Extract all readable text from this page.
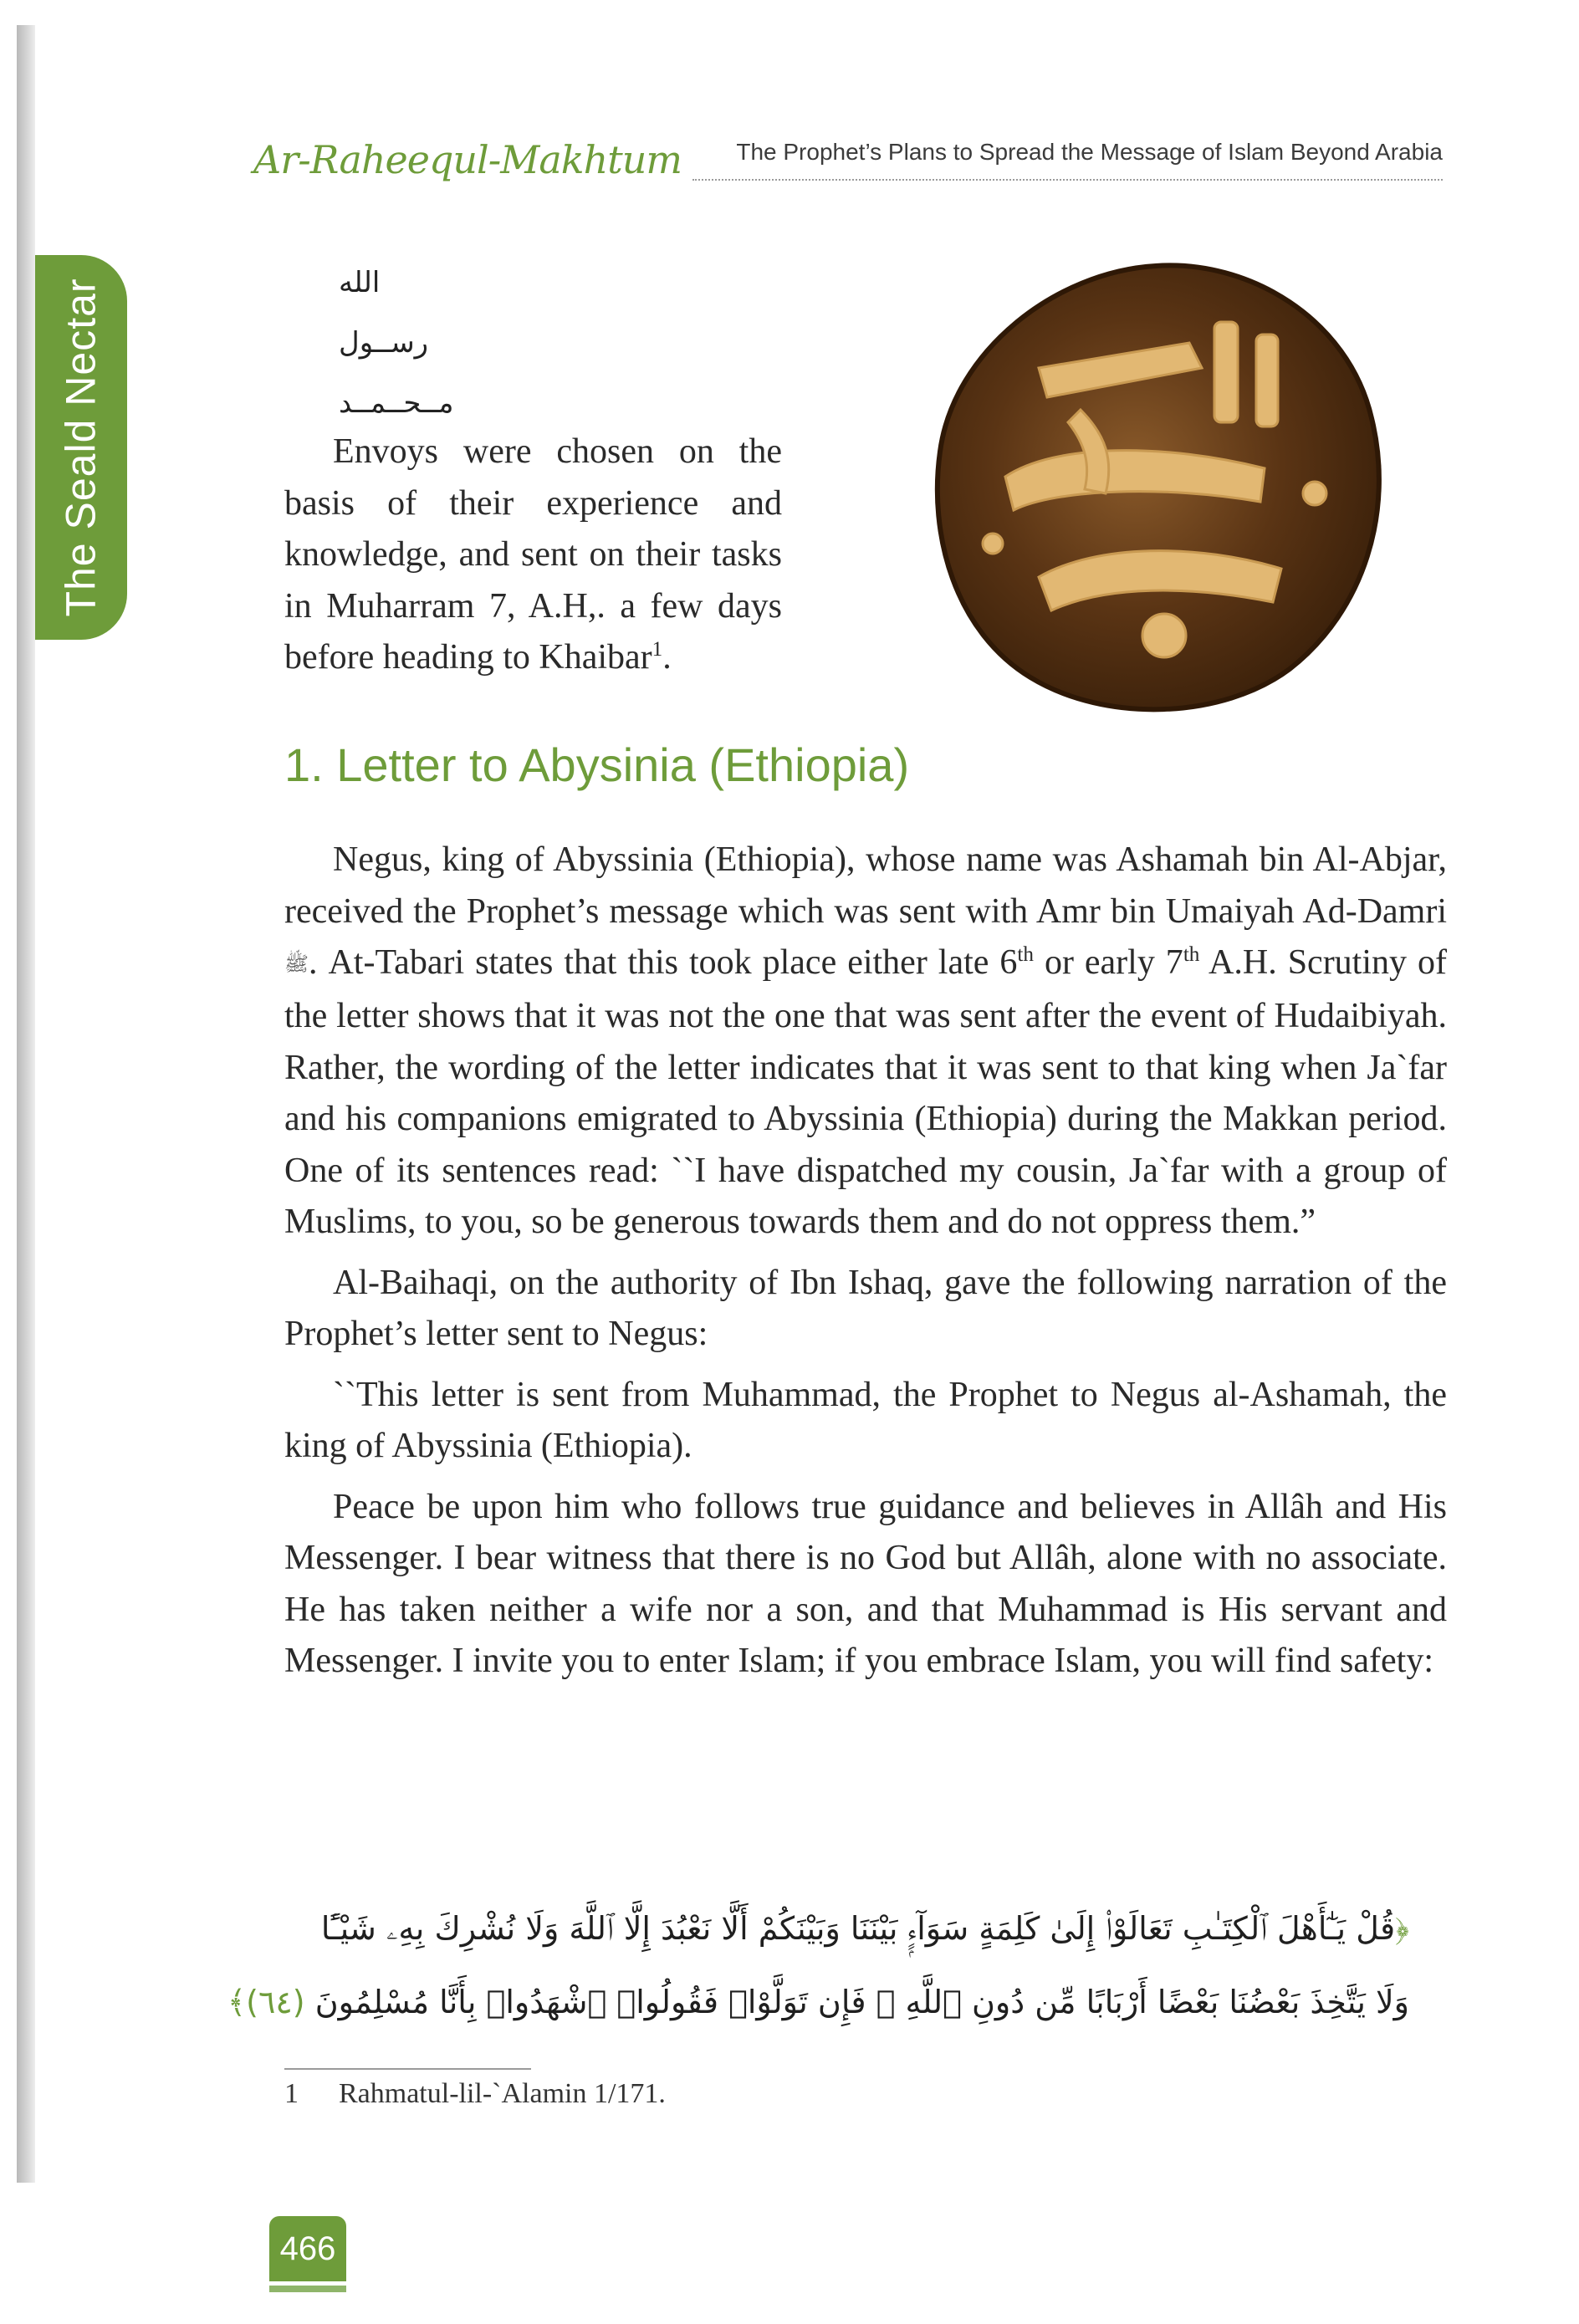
The Seald Nectar
Ar-Raheequl-Makhtum	The Prophet’s Plans to Spread the Message of Islam Beyond Arabia
الله
رســول
مــحــمــد

Envoys were chosen on the basis of their experience and knowledge, and sent on their tasks in Muharram 7, A.H,. a few days before heading to Khaibar$^1$.

1. Letter to Abysinia (Ethiopia)

Negus, king of Abyssinia (Ethiopia), whose name was Ashamah bin Al-Abjar, received the Prophet’s message which was sent with Amr bin Umaiyah Ad-Damri ﷺ. At-Tabari states that this took place either late 6th or early 7th A.H. Scrutiny of the letter shows that it was not the one that was sent after the event of Hudaibiyah. Rather, the wording of the letter indicates that it was sent to that king when Ja`far and his companions emigrated to Abyssinia (Ethiopia) during the Makkan period. One of its sentences read: ``I have dispatched my cousin, Ja`far with a group of Muslims, to you, so be generous towards them and do not oppress them.”

Al-Baihaqi, on the authority of Ibn Ishaq, gave the following narration of the Prophet’s letter sent to Negus:

``This letter is sent from Muhammad, the Prophet to Negus al-Ashamah, the king of Abyssinia (Ethiopia).

Peace be upon him who follows true guidance and believes in Allâh and His Messenger. I bear witness that there is no God but Allâh, alone with no associate. He has taken neither a wife nor a son, and that Muhammad is His servant and Messenger. I invite you to enter Islam; if you embrace Islam, you will find safety:

﴿قُلْ يَـٰٓأَهْلَ ٱلْكِتَـٰبِ تَعَالَوْا۟ إِلَىٰ كَلِمَةٍ سَوَآءٍۭ بَيْنَنَا وَبَيْنَكُمْ أَلَّا نَعْبُدَ إِلَّا ٱللَّهَ وَلَا نُشْرِكَ بِهِۦ شَيْـًٔا
وَلَا يَتَّخِذَ بَعْضُنَا بَعْضًا أَرْبَابًا مِّن دُونِ ٱللَّهِ ۚ فَإِن تَوَلَّوْا۟ فَقُولُوا۟ ٱشْهَدُوا۟ بِأَنَّا مُسْلِمُونَ (٦٤)﴾
1 Rahmatul-lil-`Alamin 1/171.
466
